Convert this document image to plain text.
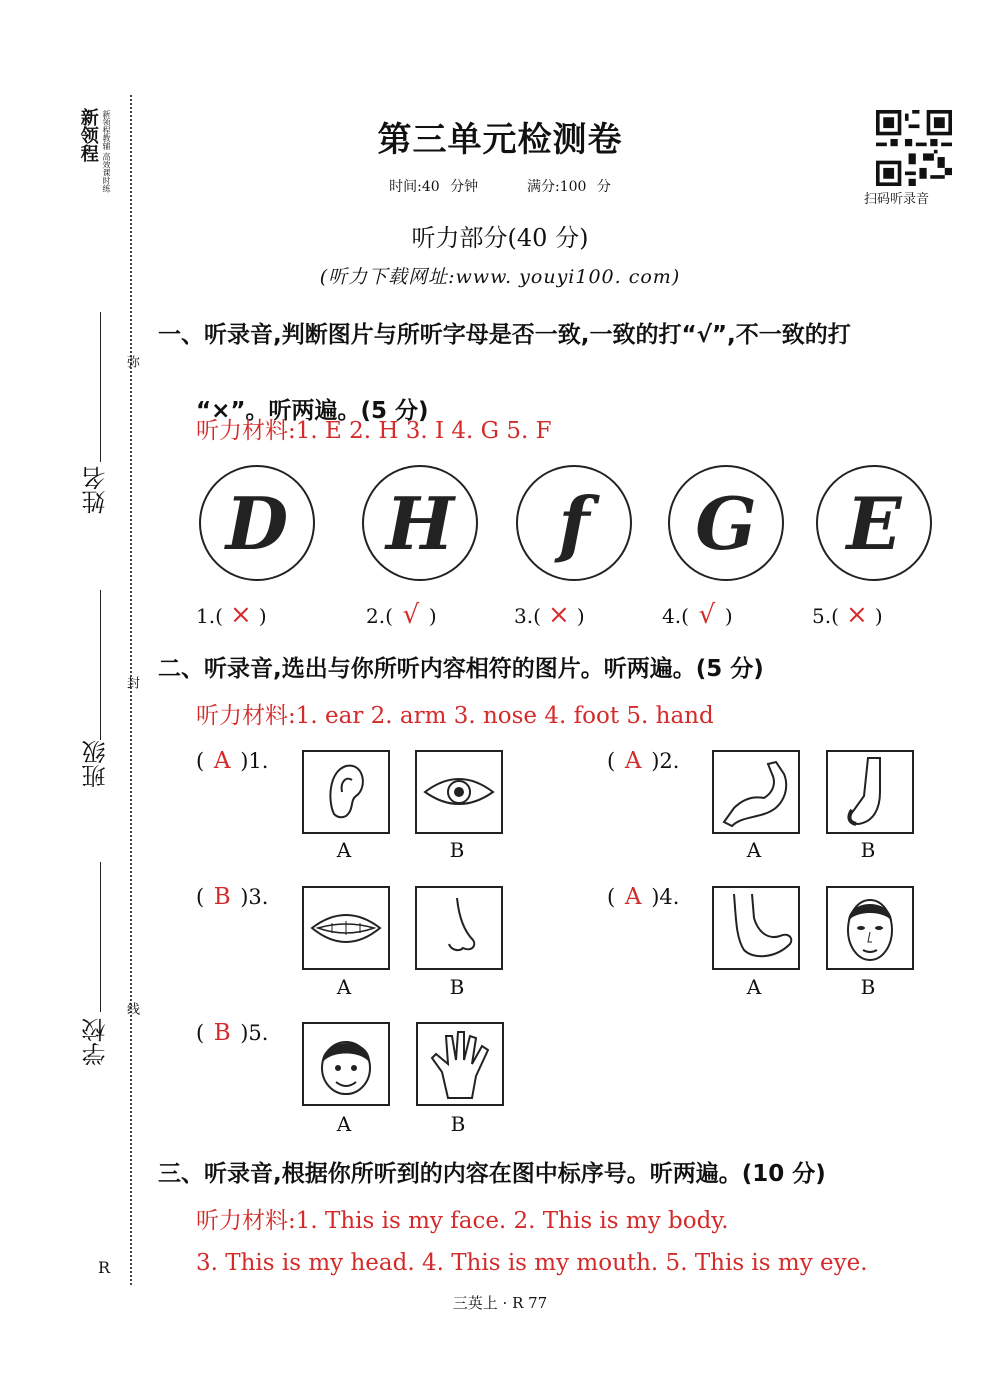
新领程 新领程教辅 高效课时练
弥
封
线
姓名
班级
学校
R
第三单元检测卷
时间:40 分钟	满分:100 分
扫码听录音
听力部分(40 分)
(听力下载网址:www. youyi100. com)
一、听录音,判断图片与所听字母是否一致,一致的打“√”,不一致的打
“×”。听两遍。(5 分)
听力材料:1. E 2. H 3. I 4. G 5. F
D H f G E
1.( × )	2.( √ )	3.( × )	4.( √ )	5.( × )
二、听录音,选出与你所听内容相符的图片。听两遍。(5 分)
听力材料:1. ear 2. arm 3. nose 4. foot 5. hand
( A )1.
A	B
( A )2.
A	B
( B )3.
A	B
( A )4.
A	B
( B )5.
A	B
三、听录音,根据你所听到的内容在图中标序号。听两遍。(10 分)
听力材料:1. This is my face. 2. This is my body.
3. This is my head. 4. This is my mouth. 5. This is my eye.
三英上 · R 77
